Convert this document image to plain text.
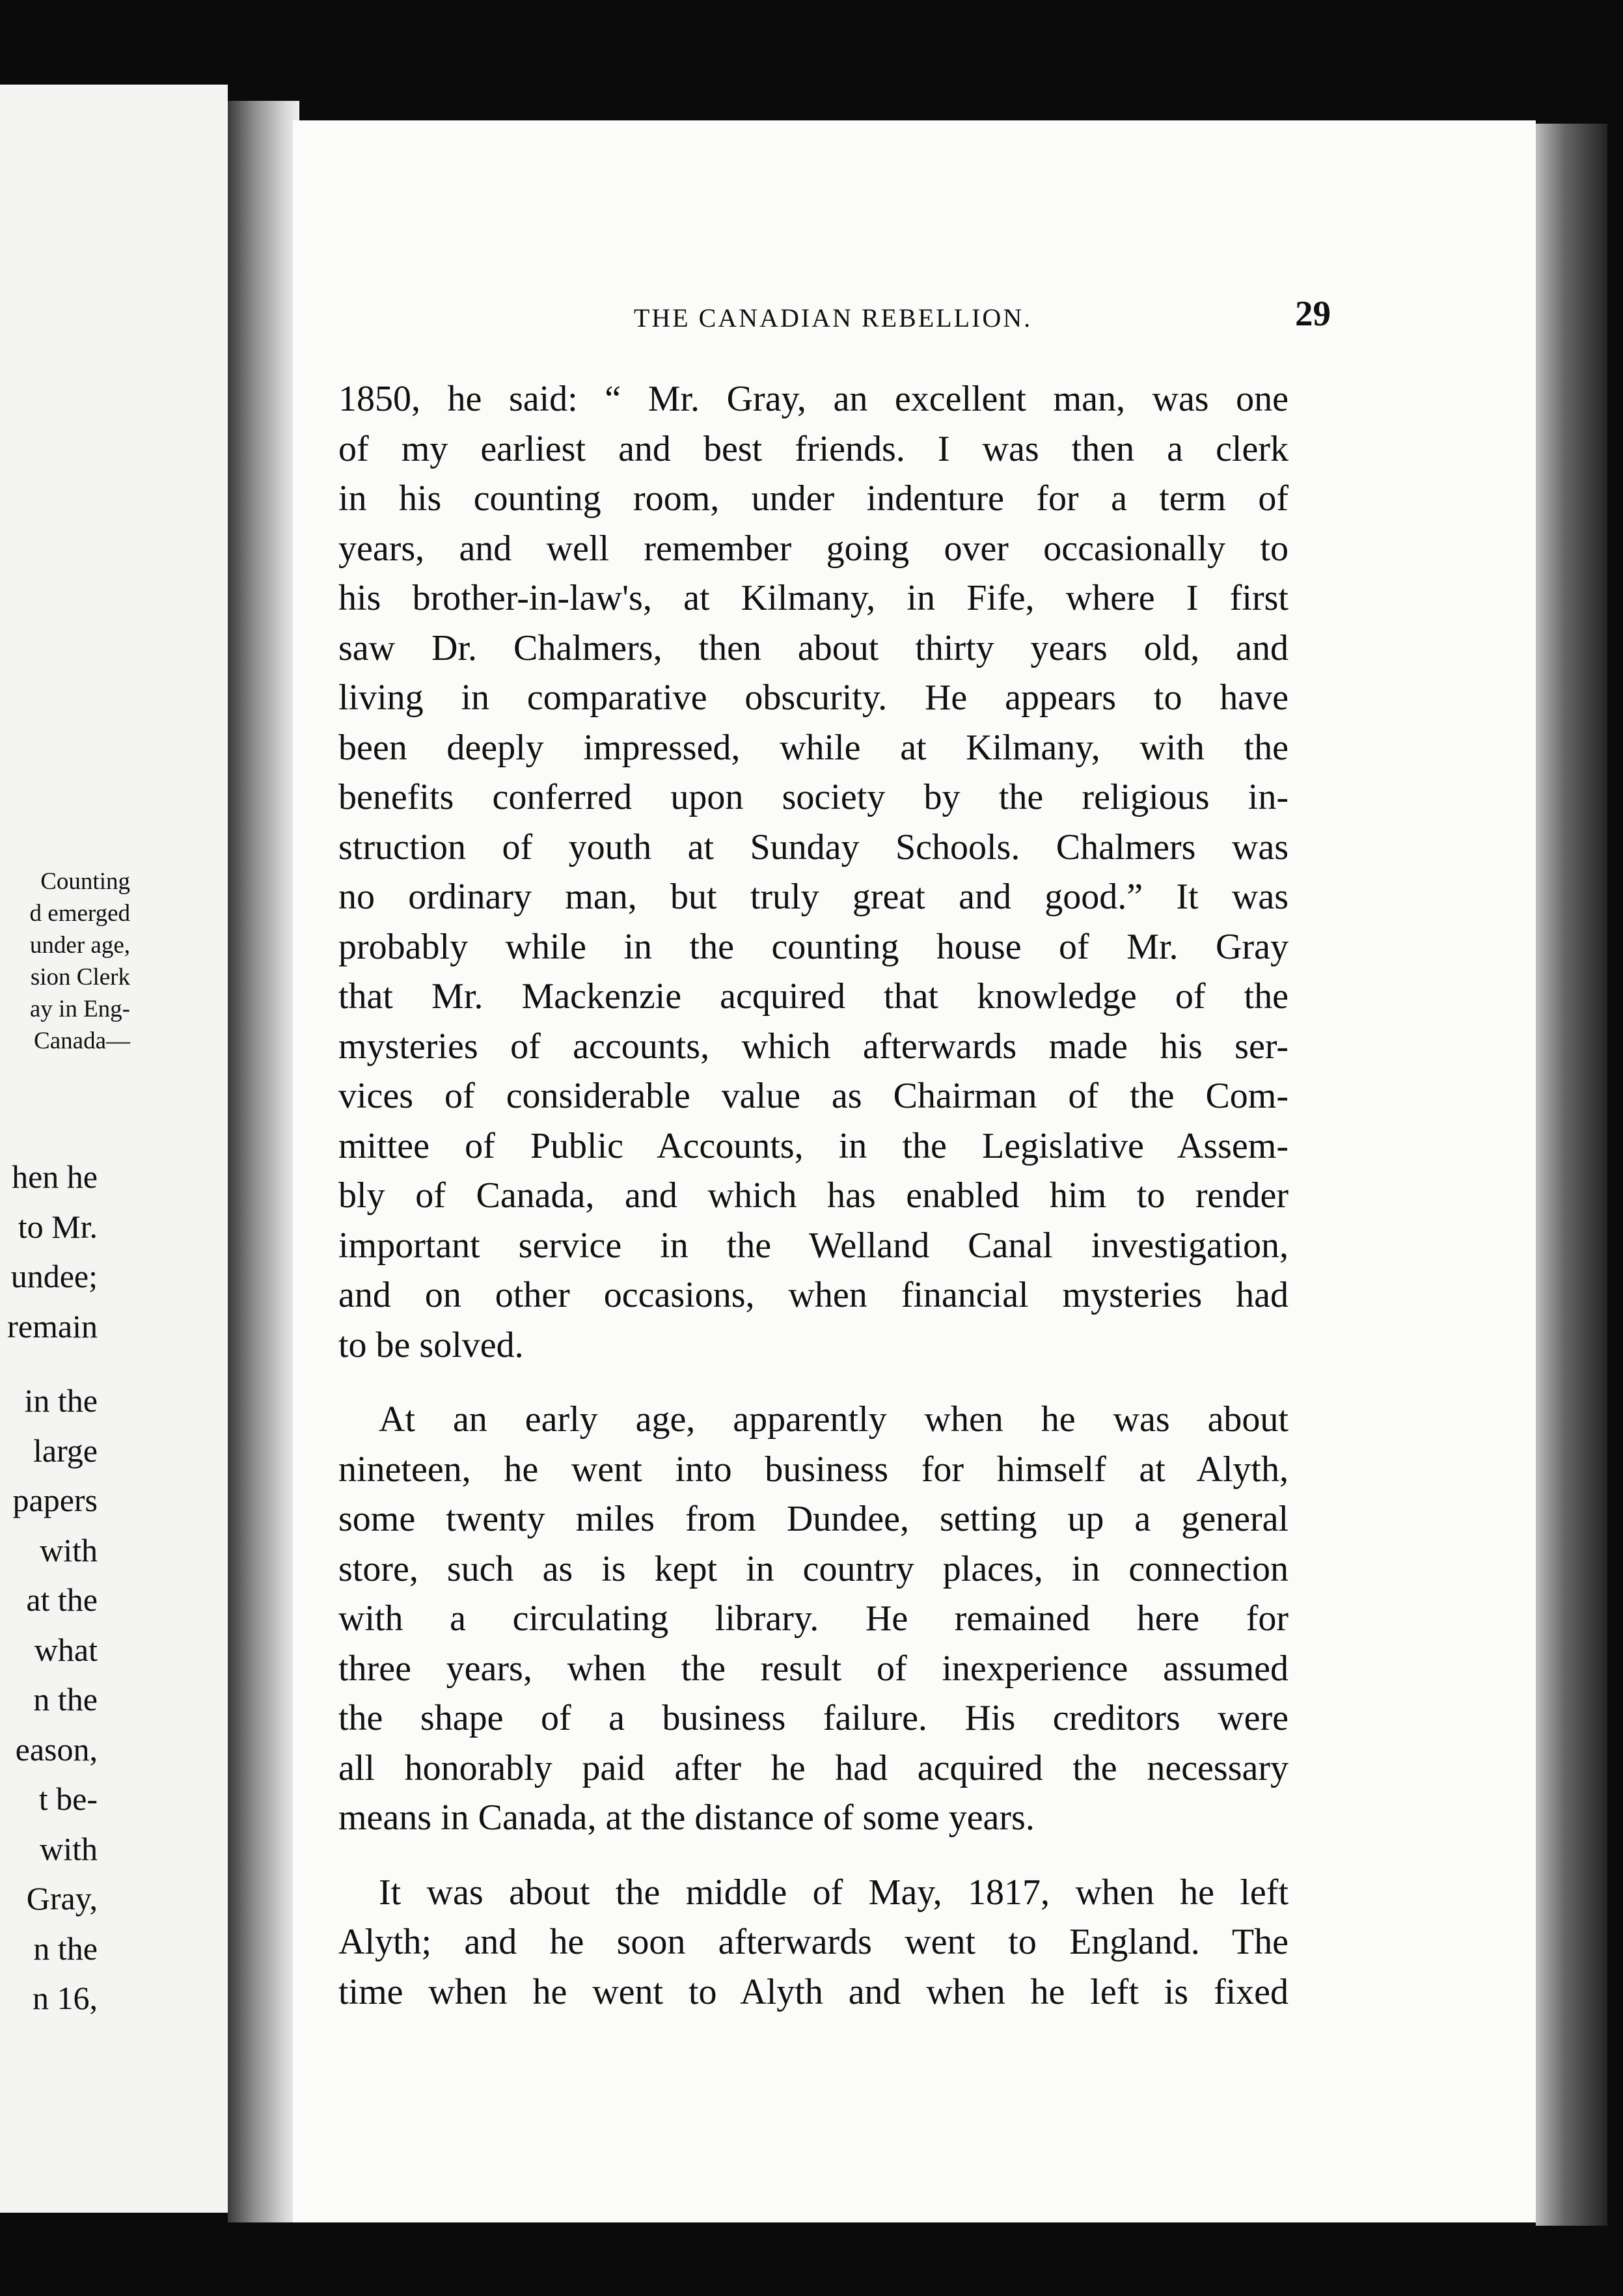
Counting
d emerged
under age,
sion Clerk
ay in Eng-
Canada—
hen he
to Mr.
undee;
remain
in the
large
papers
with
at the
what
n the
eason,
t be-
with
Gray,
n the
n 16,
THE CANADIAN REBELLION.	29
1850, he said: “ Mr. Gray, an excellent man, was one
of my earliest and best friends. I was then a clerk
in his counting room, under indenture for a term of
years, and well remember going over occasionally to
his brother-in-law's, at Kilmany, in Fife, where I first
saw Dr. Chalmers, then about thirty years old, and
living in comparative obscurity. He appears to have
been deeply impressed, while at Kilmany, with the
benefits conferred upon society by the religious in-
struction of youth at Sunday Schools. Chalmers was
no ordinary man, but truly great and good.” It was
probably while in the counting house of Mr. Gray
that Mr. Mackenzie acquired that knowledge of the
mysteries of accounts, which afterwards made his ser-
vices of considerable value as Chairman of the Com-
mittee of Public Accounts, in the Legislative Assem-
bly of Canada, and which has enabled him to render
important service in the Welland Canal investigation,
and on other occasions, when financial mysteries had
to be solved.
At an early age, apparently when he was about
nineteen, he went into business for himself at Alyth,
some twenty miles from Dundee, setting up a general
store, such as is kept in country places, in connection
with a circulating library. He remained here for
three years, when the result of inexperience assumed
the shape of a business failure. His creditors were
all honorably paid after he had acquired the necessary
means in Canada, at the distance of some years.
It was about the middle of May, 1817, when he left
Alyth; and he soon afterwards went to England. The
time when he went to Alyth and when he left is fixed
